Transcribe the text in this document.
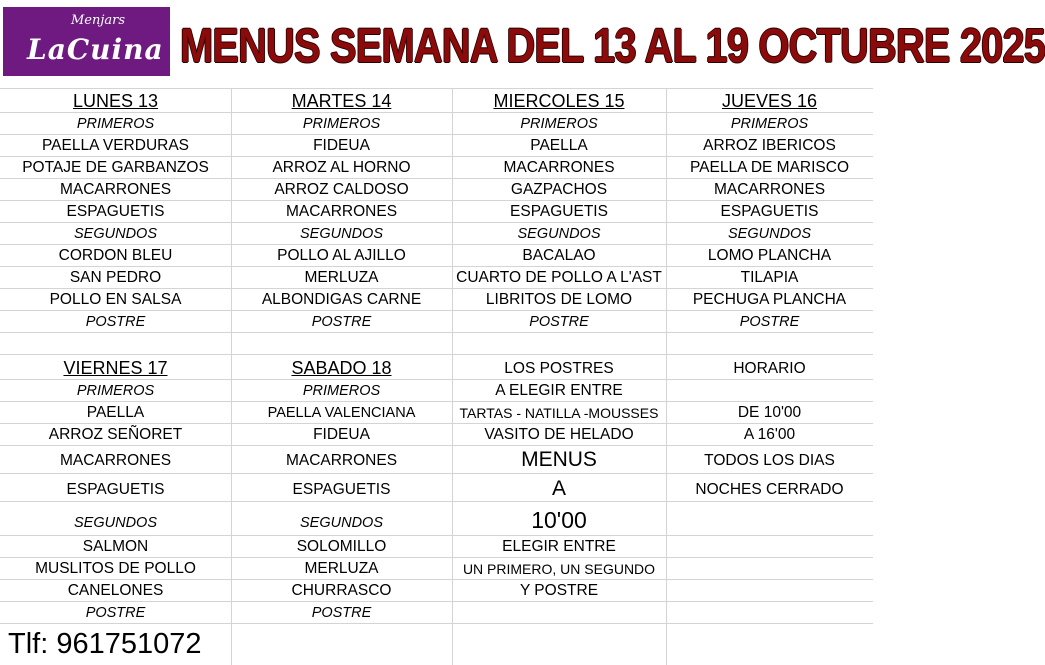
Menjars
LaCuina MENUS SEMANA DEL 13 AL 19 OCTUBRE 2025
LUNES 13
PRIMEROS
PAELLA VERDURAS
POTAJE DE GARBANZOS
MACARRONES
ESPAGUETIS
SEGUNDOS
CORDON BLEU
SAN PEDRO
POLLO EN SALSA
POSTRE
MARTES 14
PRIMEROS
FIDEUA
ARROZ AL HORNO
ARROZ CALDOSO
MACARRONES
SEGUNDOS
POLLO AL AJILLO
MERLUZA
ALBONDIGAS CARNE
POSTRE
MIERCOLES 15
PRIMEROS
PAELLA
MACARRONES
GAZPACHOS
ESPAGUETIS
SEGUNDOS
BACALAO
CUARTO DE POLLO A L'AST
LIBRITOS DE LOMO
POSTRE
JUEVES 16
PRIMEROS
ARROZ IBERICOS
PAELLA DE MARISCO
MACARRONES
ESPAGUETIS
SEGUNDOS
LOMO PLANCHA
TILAPIA
PECHUGA PLANCHA
POSTRE
VIERNES 17
PRIMEROS
PAELLA
ARROZ SEÑORET
MACARRONES
ESPAGUETIS
SEGUNDOS
SALMON
MUSLITOS DE POLLO
CANELONES
POSTRE
SABADO 18
PRIMEROS
PAELLA VALENCIANA
FIDEUA
MACARRONES
ESPAGUETIS
SEGUNDOS
SOLOMILLO
MERLUZA
CHURRASCO
POSTRE
LOS POSTRES
A ELEGIR ENTRE
TARTAS - NATILLA -MOUSSES
VASITO DE HELADO
MENUS
A
10'00
ELEGIR ENTRE
UN PRIMERO, UN SEGUNDO
Y POSTRE
HORARIO
DE 10'00
A 16'00
TODOS LOS DIAS
NOCHES CERRADO
Tlf: 961751072
